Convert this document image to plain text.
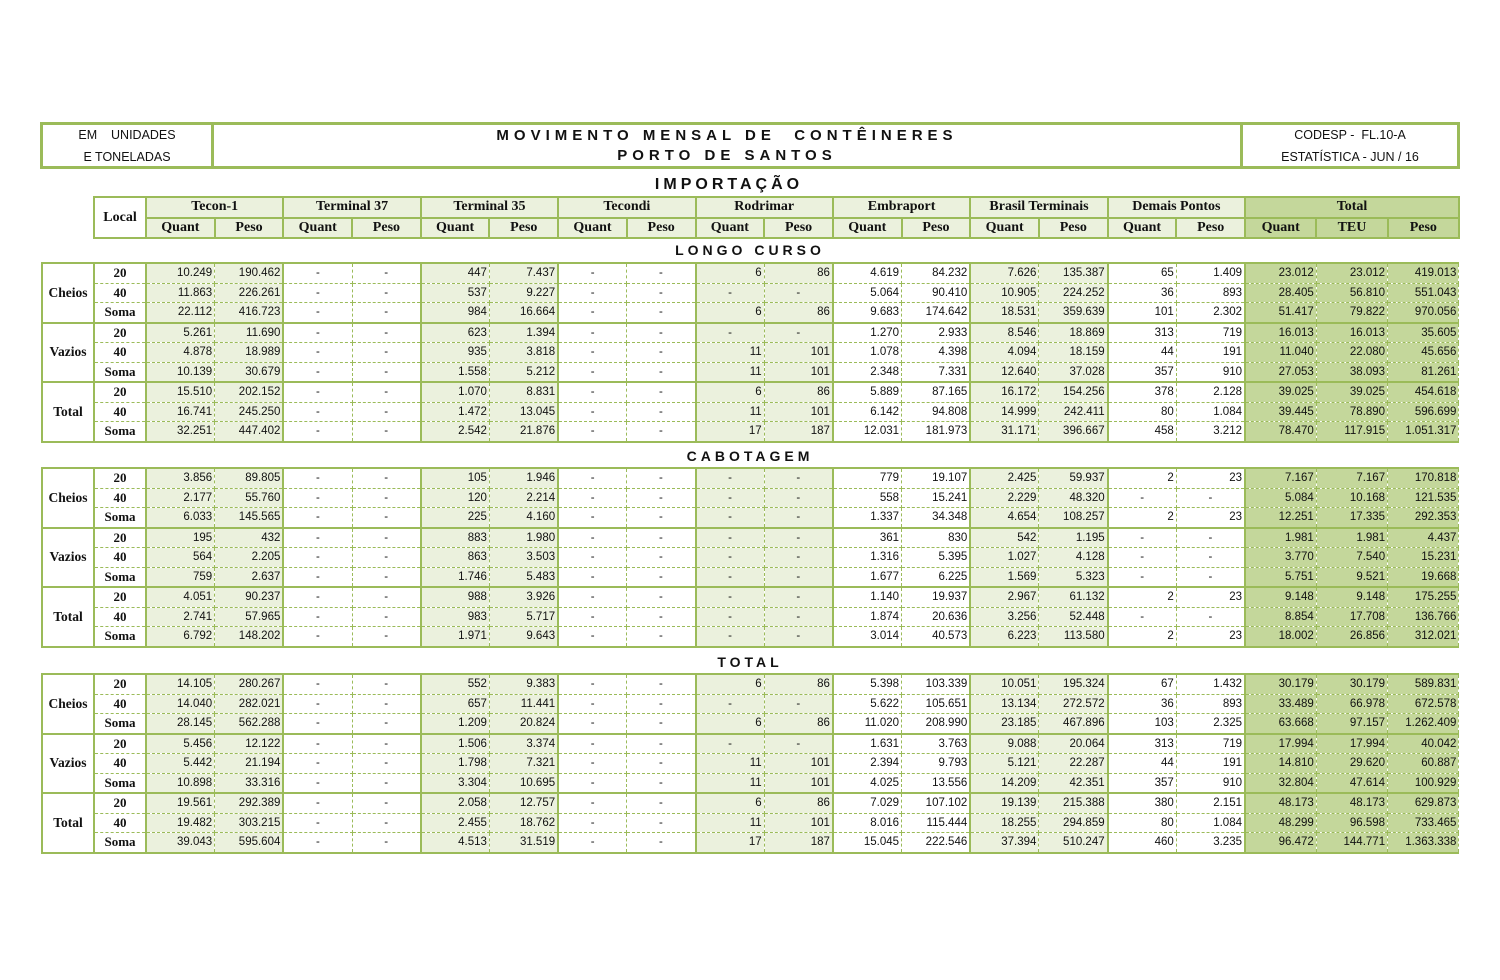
EM    UNIDADES
E TONELADAS
MOVIMENTO MENSAL DE  CONTÊINERES
PORTO DE SANTOS
CODESP -  FL.10-A
ESTATÍSTICA - JUN / 16
IMPORTAÇÃO
Local	Tecon-1		Terminal 37		Terminal 35		Tecondi		Rodrimar		Embraport		Brasil Terminais		Demais Pontos		Total		
	Quant	Peso	Quant	Peso	Quant	Peso	Quant	Peso	Quant	Peso	Quant	Peso	Quant	Peso	Quant	Peso	Quant	TEU	Peso
LONGO CURSO
Cheios	20	10.249	190.462	-	-	447	7.437	-	-	6	86	4.619	84.232	7.626	135.387	65	1.409	23.012	23.012	419.013
	40	11.863	226.261	-	-	537	9.227	-	-	-	-	5.064	90.410	10.905	224.252	36	893	28.405	56.810	551.043
	Soma	22.112	416.723	-	-	984	16.664	-	-	6	86	9.683	174.642	18.531	359.639	101	2.302	51.417	79.822	970.056
Vazios	20	5.261	11.690	-	-	623	1.394	-	-	-	-	1.270	2.933	8.546	18.869	313	719	16.013	16.013	35.605
	40	4.878	18.989	-	-	935	3.818	-	-	11	101	1.078	4.398	4.094	18.159	44	191	11.040	22.080	45.656
	Soma	10.139	30.679	-	-	1.558	5.212	-	-	11	101	2.348	7.331	12.640	37.028	357	910	27.053	38.093	81.261
Total	20	15.510	202.152	-	-	1.070	8.831	-	-	6	86	5.889	87.165	16.172	154.256	378	2.128	39.025	39.025	454.618
	40	16.741	245.250	-	-	1.472	13.045	-	-	11	101	6.142	94.808	14.999	242.411	80	1.084	39.445	78.890	596.699
	Soma	32.251	447.402	-	-	2.542	21.876	-	-	17	187	12.031	181.973	31.171	396.667	458	3.212	78.470	117.915	1.051.317
CABOTAGEM
Cheios	20	3.856	89.805	-	-	105	1.946	-	-	-	-	779	19.107	2.425	59.937	2	23	7.167	7.167	170.818
	40	2.177	55.760	-	-	120	2.214	-	-	-	-	558	15.241	2.229	48.320	-	-	5.084	10.168	121.535
	Soma	6.033	145.565	-	-	225	4.160	-	-	-	-	1.337	34.348	4.654	108.257	2	23	12.251	17.335	292.353
Vazios	20	195	432	-	-	883	1.980	-	-	-	-	361	830	542	1.195	-	-	1.981	1.981	4.437
	40	564	2.205	-	-	863	3.503	-	-	-	-	1.316	5.395	1.027	4.128	-	-	3.770	7.540	15.231
	Soma	759	2.637	-	-	1.746	5.483	-	-	-	-	1.677	6.225	1.569	5.323	-	-	5.751	9.521	19.668
Total	20	4.051	90.237	-	-	988	3.926	-	-	-	-	1.140	19.937	2.967	61.132	2	23	9.148	9.148	175.255
	40	2.741	57.965	-	-	983	5.717	-	-	-	-	1.874	20.636	3.256	52.448	-	-	8.854	17.708	136.766
	Soma	6.792	148.202	-	-	1.971	9.643	-	-	-	-	3.014	40.573	6.223	113.580	2	23	18.002	26.856	312.021
TOTAL
Cheios	20	14.105	280.267	-	-	552	9.383	-	-	6	86	5.398	103.339	10.051	195.324	67	1.432	30.179	30.179	589.831
	40	14.040	282.021	-	-	657	11.441	-	-	-	-	5.622	105.651	13.134	272.572	36	893	33.489	66.978	672.578
	Soma	28.145	562.288	-	-	1.209	20.824	-	-	6	86	11.020	208.990	23.185	467.896	103	2.325	63.668	97.157	1.262.409
Vazios	20	5.456	12.122	-	-	1.506	3.374	-	-	-	-	1.631	3.763	9.088	20.064	313	719	17.994	17.994	40.042
	40	5.442	21.194	-	-	1.798	7.321	-	-	11	101	2.394	9.793	5.121	22.287	44	191	14.810	29.620	60.887
	Soma	10.898	33.316	-	-	3.304	10.695	-	-	11	101	4.025	13.556	14.209	42.351	357	910	32.804	47.614	100.929
Total	20	19.561	292.389	-	-	2.058	12.757	-	-	6	86	7.029	107.102	19.139	215.388	380	2.151	48.173	48.173	629.873
	40	19.482	303.215	-	-	2.455	18.762	-	-	11	101	8.016	115.444	18.255	294.859	80	1.084	48.299	96.598	733.465
	Soma	39.043	595.604	-	-	4.513	31.519	-	-	17	187	15.045	222.546	37.394	510.247	460	3.235	96.472	144.771	1.363.338
